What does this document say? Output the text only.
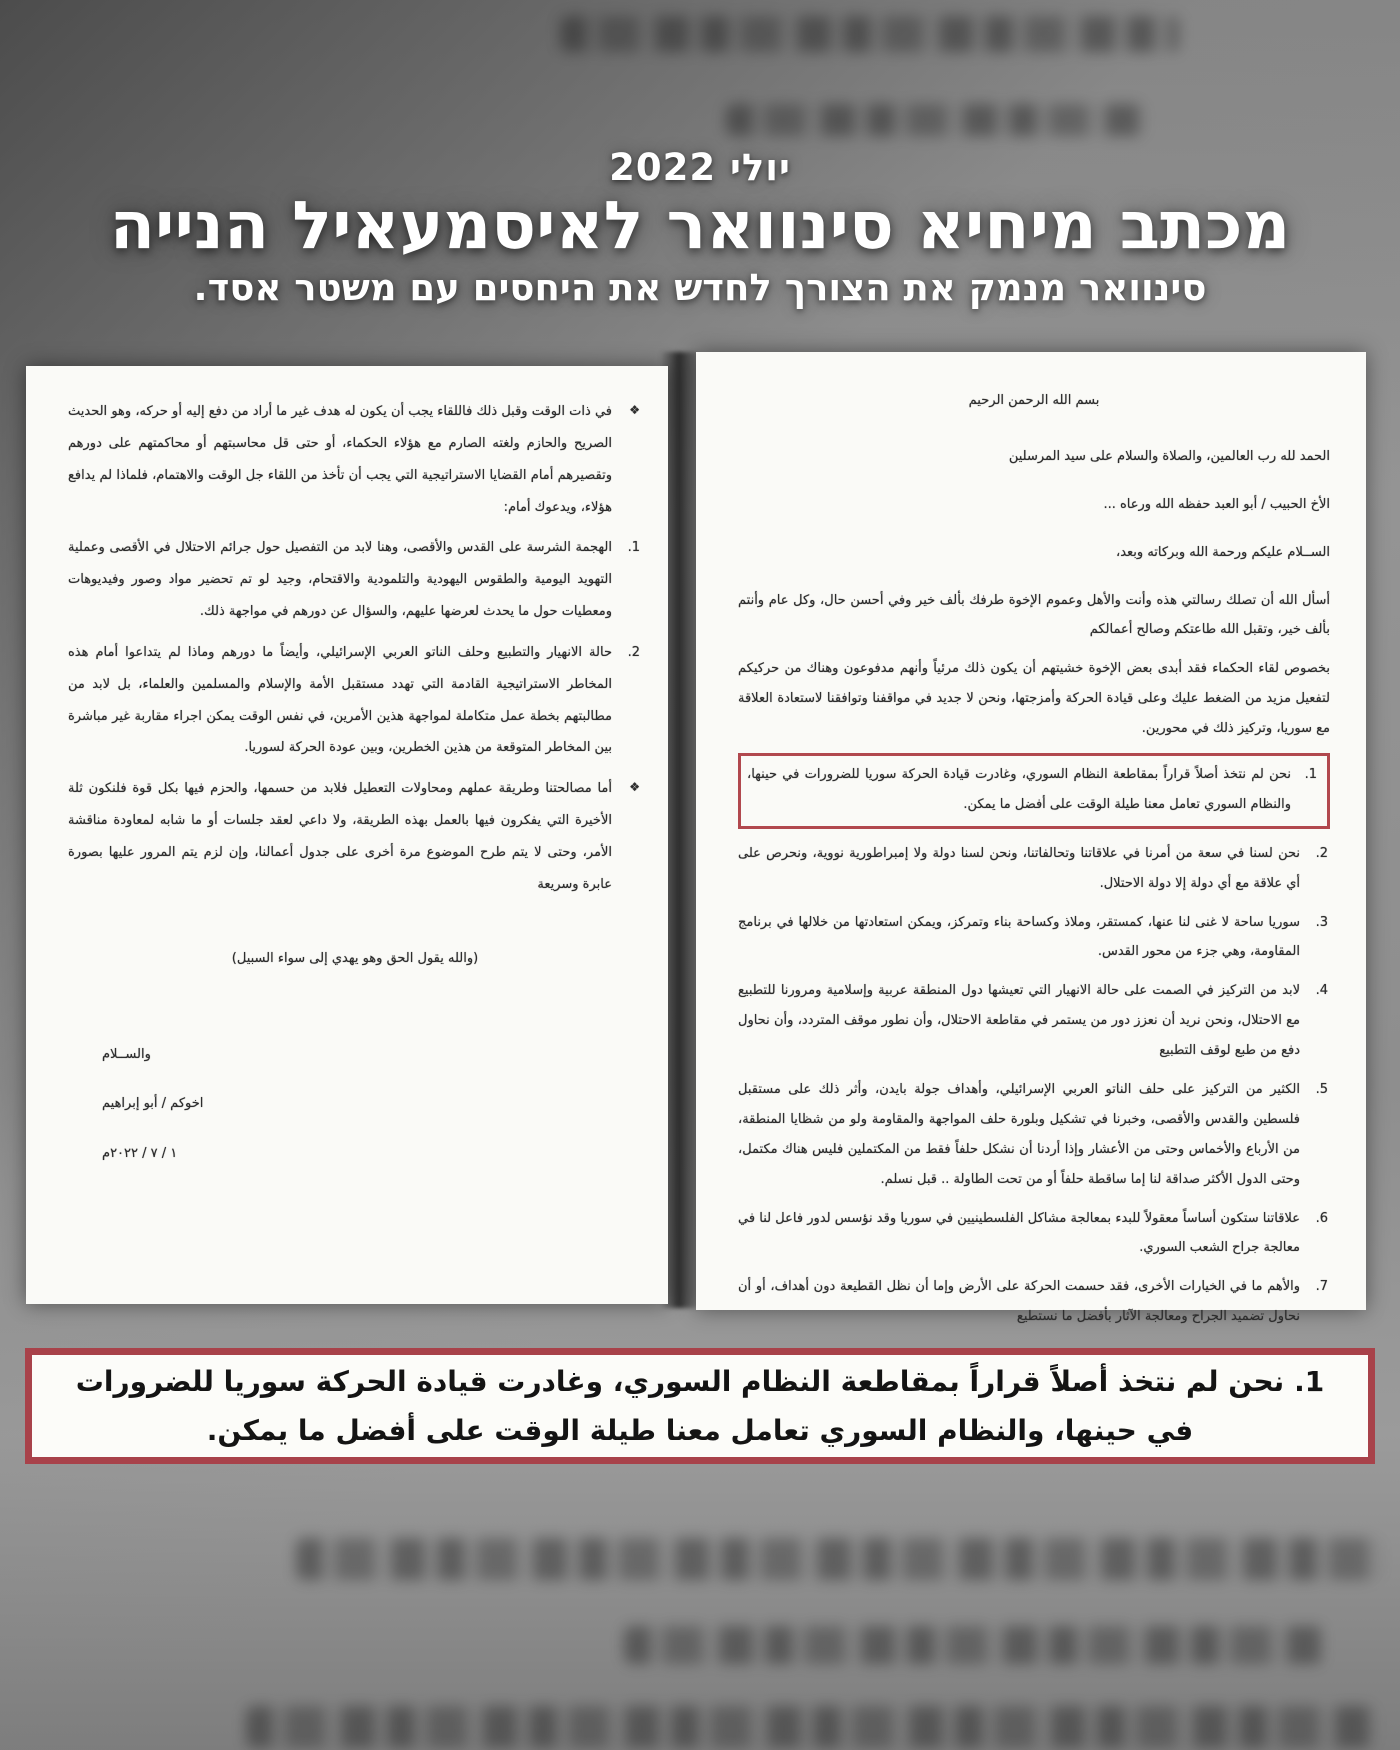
יולי 2022
מכתב מיחיא סינוואר לאיסמעאיל הנייה
סינוואר מנמק את הצורך לחדש את היחסים עם משטר אסד.
❖
في ذات الوقت وقبل ذلك فاللقاء يجب أن يكون له هدف غير ما أراد من دفع إليه أو حركه، وهو الحديث الصريح والحازم ولغته الصارم مع هؤلاء الحكماء، أو حتى قل محاسبتهم أو محاكمتهم على دورهم وتقصيرهم أمام القضايا الاستراتيجية التي يجب أن تأخذ من اللقاء جل الوقت والاهتمام، فلماذا لم يدافع هؤلاء، ويدعوك أمام:
1.
الهجمة الشرسة على القدس والأقصى، وهنا لابد من التفصيل حول جرائم الاحتلال في الأقصى وعملية التهويد اليومية والطقوس اليهودية والتلمودية والاقتحام، وجيد لو تم تحضير مواد وصور وفيديوهات ومعطيات حول ما يحدث لعرضها عليهم، والسؤال عن دورهم في مواجهة ذلك.
2.
حالة الانهيار والتطبيع وحلف الناتو العربي الإسرائيلي، وأيضاً ما دورهم وماذا لم يتداعوا أمام هذه المخاطر الاستراتيجية القادمة التي تهدد مستقبل الأمة والإسلام والمسلمين والعلماء، بل لابد من مطالبتهم بخطة عمل متكاملة لمواجهة هذين الأمرين، في نفس الوقت يمكن اجراء مقاربة غير مباشرة بين المخاطر المتوقعة من هذين الخطرين، وبين عودة الحركة لسوريا.
❖
أما مصالحتنا وطريقة عملهم ومحاولات التعطيل فلابد من حسمها، والحزم فيها بكل قوة فلنكون ثلة الأخيرة التي يفكرون فيها بالعمل بهذه الطريقة، ولا داعي لعقد جلسات أو ما شابه لمعاودة مناقشة الأمر، وحتى لا يتم طرح الموضوع مرة أخرى على جدول أعمالنا، وإن لزم يتم المرور عليها بصورة عابرة وسريعة
(والله يقول الحق وهو يهدي إلى سواء السبيل)
والســلام
اخوكم / أبو إبراهيم
١ / ٧ / ٢٠٢٢م
بسم الله الرحمن الرحيم
الحمد لله رب العالمين، والصلاة والسلام على سيد المرسلين
الأخ الحبيب / أبو العبد حفظه الله ورعاه ...
الســلام عليكم ورحمة الله وبركاته وبعد،
أسأل الله أن تصلك رسالتي هذه وأنت والأهل وعموم الإخوة طرفك بألف خير وفي أحسن حال، وكل عام وأنتم بألف خير، وتقبل الله طاعتكم وصالح أعمالكم
بخصوص لقاء الحكماء فقد أبدى بعض الإخوة خشيتهم أن يكون ذلك مرئياً وأنهم مدفوعون وهناك من حركيكم لتفعيل مزيد من الضغط عليك وعلى قيادة الحركة وأمزجتها، ونحن لا جديد في مواقفنا وتوافقنا لاستعادة العلاقة مع سوريا، وتركيز ذلك في محورين.
1.
نحن لم نتخذ أصلاً قراراً بمقاطعة النظام السوري، وغادرت قيادة الحركة سوريا للضرورات في حينها، والنظام السوري تعامل معنا طيلة الوقت على أفضل ما يمكن.
2.
نحن لسنا في سعة من أمرنا في علاقاتنا وتحالفاتنا، ونحن لسنا دولة ولا إمبراطورية نووية، ونحرص على أي علاقة مع أي دولة إلا دولة الاحتلال.
3.
سوريا ساحة لا غنى لنا عنها، كمستقر، وملاذ وكساحة بناء وتمركز، ويمكن استعادتها من خلالها في برنامج المقاومة، وهي جزء من محور القدس.
4.
لابد من التركيز في الصمت على حالة الانهيار التي تعيشها دول المنطقة عربية وإسلامية ومرورنا للتطبيع مع الاحتلال، ونحن نريد أن نعزز دور من يستمر في مقاطعة الاحتلال، وأن نطور موقف المتردد، وأن نحاول دفع من طبع لوقف التطبيع
5.
الكثير من التركيز على حلف الناتو العربي الإسرائيلي، وأهداف جولة بايدن، وأثر ذلك على مستقبل فلسطين والقدس والأقصى، وخبرنا في تشكيل وبلورة حلف المواجهة والمقاومة ولو من شظايا المنطقة، من الأرباع والأخماس وحتى من الأعشار وإذا أردنا أن نشكل حلفاً فقط من المكتملين فليس هناك مكتمل، وحتى الدول الأكثر صداقة لنا إما ساقطة حلفاً أو من تحت الطاولة .. قبل نسلم.
6.
علاقاتنا ستكون أساساً معقولاً للبدء بمعالجة مشاكل الفلسطينيين في سوريا وقد نؤسس لدور فاعل لنا في معالجة جراح الشعب السوري.
7.
والأهم ما في الخيارات الأخرى، فقد حسمت الحركة على الأرض وإما أن نظل القطيعة دون أهداف، أو أن نحاول تضميد الجراح ومعالجة الآثار بأفضل ما نستطيع
1.نحن لم نتخذ أصلاً قراراً بمقاطعة النظام السوري، وغادرت قيادة الحركة سوريا للضرورات في حينها، والنظام السوري تعامل معنا طيلة الوقت على أفضل ما يمكن.
